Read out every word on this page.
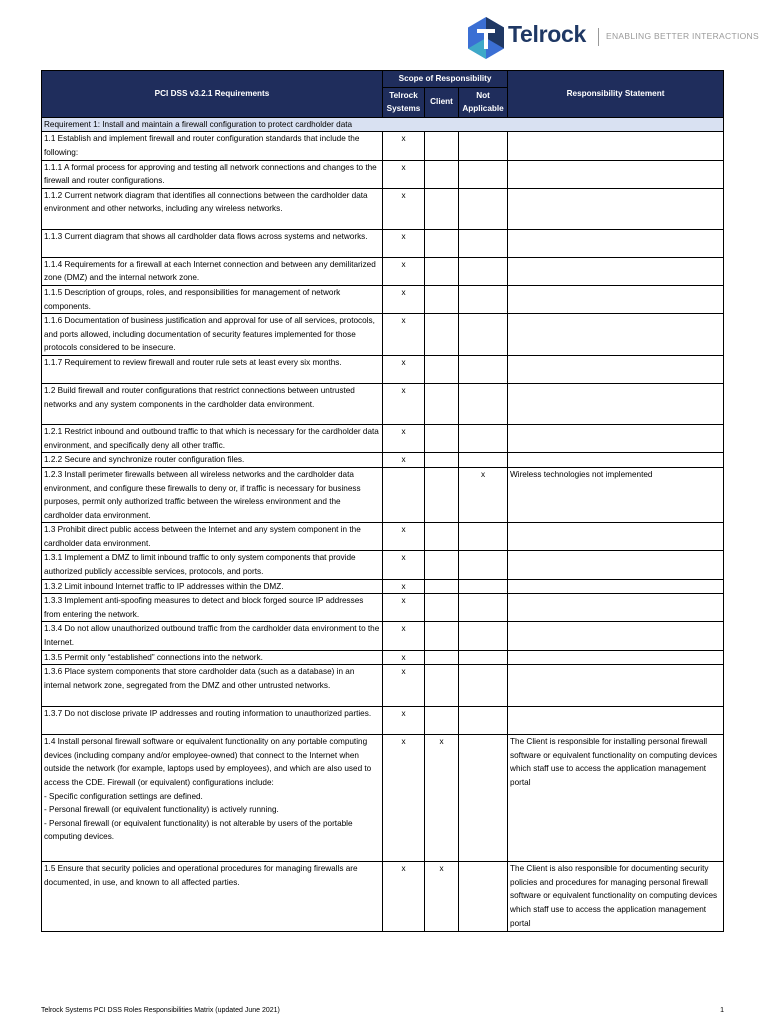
Telrock ENABLING BETTER INTERACTIONS
PCI DSS v3.2.1 Requirements	Scope of Responsibility			Responsibility Statement
	Telrock Systems	Client	Not Applicable	
Requirement 1: Install and maintain a firewall configuration to protect cardholder data				
1.1 Establish and implement firewall and router configuration standards that include the following:	x			
1.1.1 A formal process for approving and testing all network connections and changes to the firewall and router configurations.	x			
1.1.2 Current network diagram that identifies all connections between the cardholder data environment and other networks, including any wireless networks.	x			
1.1.3 Current diagram that shows all cardholder data flows across systems and networks.	x			
1.1.4 Requirements for a firewall at each Internet connection and between any demilitarized zone (DMZ) and the internal network zone.	x			
1.1.5 Description of groups, roles, and responsibilities for management of network components.	x			
1.1.6 Documentation of business justification and approval for use of all services, protocols, and ports allowed, including documentation of security features implemented for those protocols considered to be insecure.	x			
1.1.7 Requirement to review firewall and router rule sets at least every six months.	x			
1.2 Build firewall and router configurations that restrict connections between untrusted networks and any system components in the cardholder data environment.	x			
1.2.1 Restrict inbound and outbound traffic to that which is necessary for the cardholder data environment, and specifically deny all other traffic.	x			
1.2.2 Secure and synchronize router configuration files.	x			
1.2.3 Install perimeter firewalls between all wireless networks and the cardholder data environment, and configure these firewalls to deny or, if traffic is necessary for business purposes, permit only authorized traffic between the wireless environment and the cardholder data environment.			x	Wireless technologies not implemented
1.3 Prohibit direct public access between the Internet and any system component in the cardholder data environment.	x			
1.3.1 Implement a DMZ to limit inbound traffic to only system components that provide authorized publicly accessible services, protocols, and ports.	x			
1.3.2 Limit inbound Internet traffic to IP addresses within the DMZ.	x			
1.3.3 Implement anti-spoofing measures to detect and block forged source IP addresses from entering the network.	x			
1.3.4 Do not allow unauthorized outbound traffic from the cardholder data environment to the Internet.	x			
1.3.5 Permit only “established” connections into the network.	x			
1.3.6 Place system components that store cardholder data (such as a database) in an internal network zone, segregated from the DMZ and other untrusted networks.	x			
1.3.7 Do not disclose private IP addresses and routing information to unauthorized parties.	x			
1.4 Install personal firewall software or equivalent functionality on any portable computing devices (including company and/or employee-owned) that connect to the Internet when outside the network (for example, laptops used by employees), and which are also used to access the CDE. Firewall (or equivalent) configurations include:
- Specific configuration settings are defined.
- Personal firewall (or equivalent functionality) is actively running.
- Personal firewall (or equivalent functionality) is not alterable by users of the portable computing devices.	x	x		The Client is responsible for installing personal firewall software or equivalent functionality on computing devices which staff use to access the application management portal
1.5 Ensure that security policies and operational procedures for managing firewalls are documented, in use, and known to all affected parties.	x	x		The Client is also responsible for documenting security policies and procedures for managing personal firewall software or equivalent functionality on computing devices which staff use to access the application management portal
Telrock Systems PCI DSS Roles Responsibilities Matrix (updated June 2021)	1
